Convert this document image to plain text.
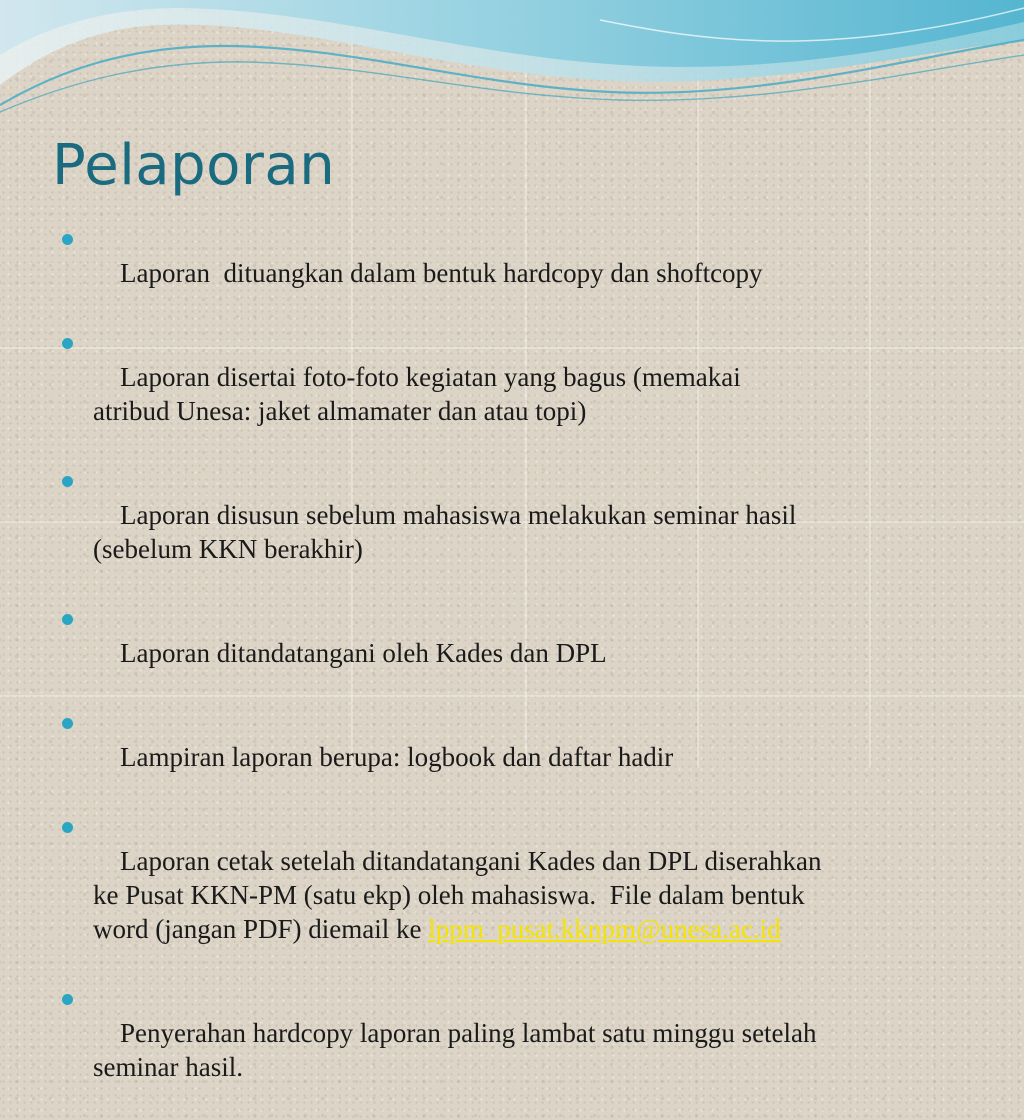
Pelaporan

Laporan  dituangkan dalam bentuk hardcopy dan shoftcopy

Laporan disertai foto-foto kegiatan yang bagus (memakai
atribud Unesa: jaket almamater dan atau topi)

Laporan disusun sebelum mahasiswa melakukan seminar hasil
(sebelum KKN berakhir)

Laporan ditandatangani oleh Kades dan DPL

Lampiran laporan berupa: logbook dan daftar hadir

Laporan cetak setelah ditandatangani Kades dan DPL diserahkan
ke Pusat KKN-PM (satu ekp) oleh mahasiswa.  File dalam bentuk
word (jangan PDF) diemail ke lppm_pusat.kknpm@unesa.ac.id

Penyerahan hardcopy laporan paling lambat satu minggu setelah
seminar hasil.
